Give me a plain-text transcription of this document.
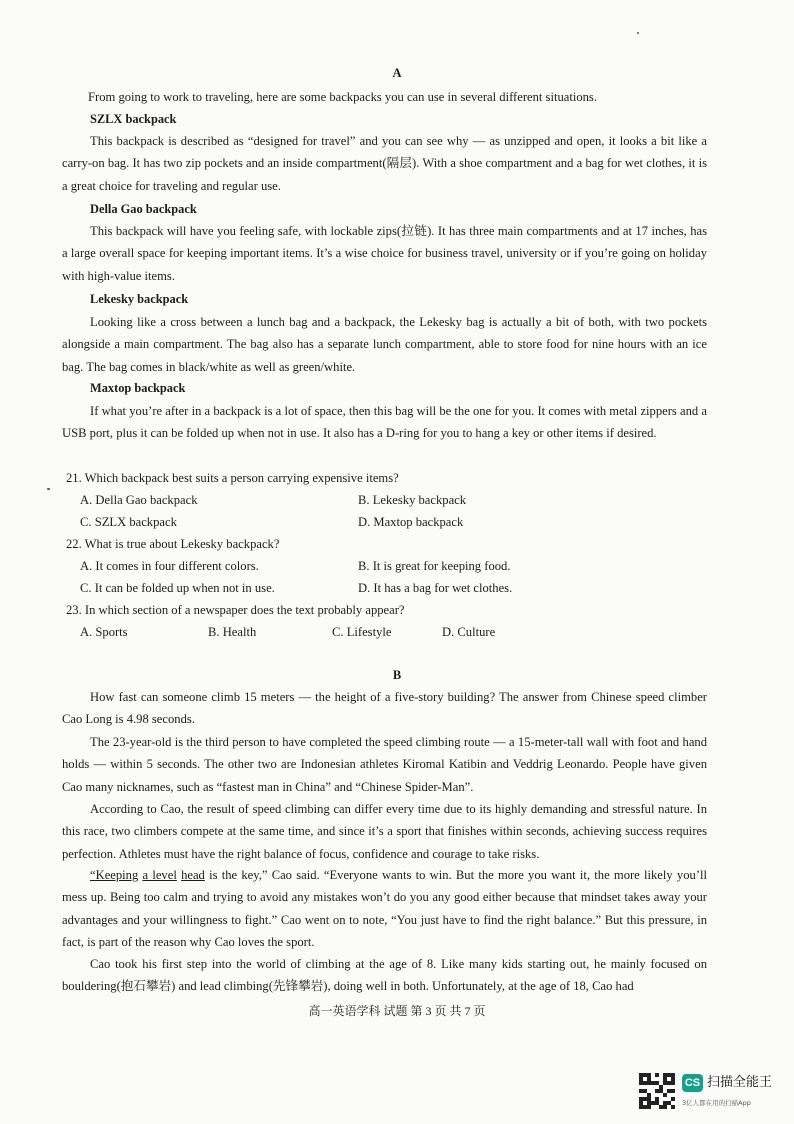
A

From going to work to traveling, here are some backpacks you can use in several different situations.

SZLX backpack

This backpack is described as “designed for travel” and you can see why — as unzipped and open, it looks a bit like a carry-on bag. It has two zip pockets and an inside compartment(隔层). With a shoe compartment and a bag for wet clothes, it is a great choice for traveling and regular use.

Della Gao backpack

This backpack will have you feeling safe, with lockable zips(拉链). It has three main compartments and at 17 inches, has a large overall space for keeping important items. It’s a wise choice for business travel, university or if you’re going on holiday with high-value items.

Lekesky backpack

Looking like a cross between a lunch bag and a backpack, the Lekesky bag is actually a bit of both, with two pockets alongside a main compartment. The bag also has a separate lunch compartment, able to store food for nine hours with an ice bag. The bag comes in black/white as well as green/white.

Maxtop backpack

If what you’re after in a backpack is a lot of space, then this bag will be the one for you. It comes with metal zippers and a USB port, plus it can be folded up when not in use. It also has a D-ring for you to hang a key or other items if desired.

21. Which backpack best suits a person carrying expensive items?
A. Della Gao backpack	B. Lekesky backpack
C. SZLX backpack	D. Maxtop backpack
22. What is true about Lekesky backpack?
A. It comes in four different colors.	B. It is great for keeping food.
C. It can be folded up when not in use.	D. It has a bag for wet clothes.
23. In which section of a newspaper does the text probably appear?
A. Sports	B. Health	C. Lifestyle	D. Culture
B

How fast can someone climb 15 meters — the height of a five-story building? The answer from Chinese speed climber Cao Long is 4.98 seconds.

The 23-year-old is the third person to have completed the speed climbing route — a 15-meter-tall wall with foot and hand holds — within 5 seconds. The other two are Indonesian athletes Kiromal Katibin and Veddrig Leonardo. People have given Cao many nicknames, such as “fastest man in China” and “Chinese Spider-Man”.

According to Cao, the result of speed climbing can differ every time due to its highly demanding and stressful nature. In this race, two climbers compete at the same time, and since it’s a sport that finishes within seconds, achieving success requires perfection. Athletes must have the right balance of focus, confidence and courage to take risks.

“Keeping a level head is the key,” Cao said. “Everyone wants to win. But the more you want it, the more likely you’ll mess up. Being too calm and trying to avoid any mistakes won’t do you any good either because that mindset takes away your advantages and your willingness to fight.” Cao went on to note, “You just have to find the right balance.” But this pressure, in fact, is part of the reason why Cao loves the sport.

Cao took his first step into the world of climbing at the age of 8. Like many kids starting out, he mainly focused on bouldering(抱石攀岩) and lead climbing(先锋攀岩), doing well in both. Unfortunately, at the age of 18, Cao had

高一英语学科 试题 第 3 页 共 7 页
CS 扫描全能王
3亿人都在用的扫描App
